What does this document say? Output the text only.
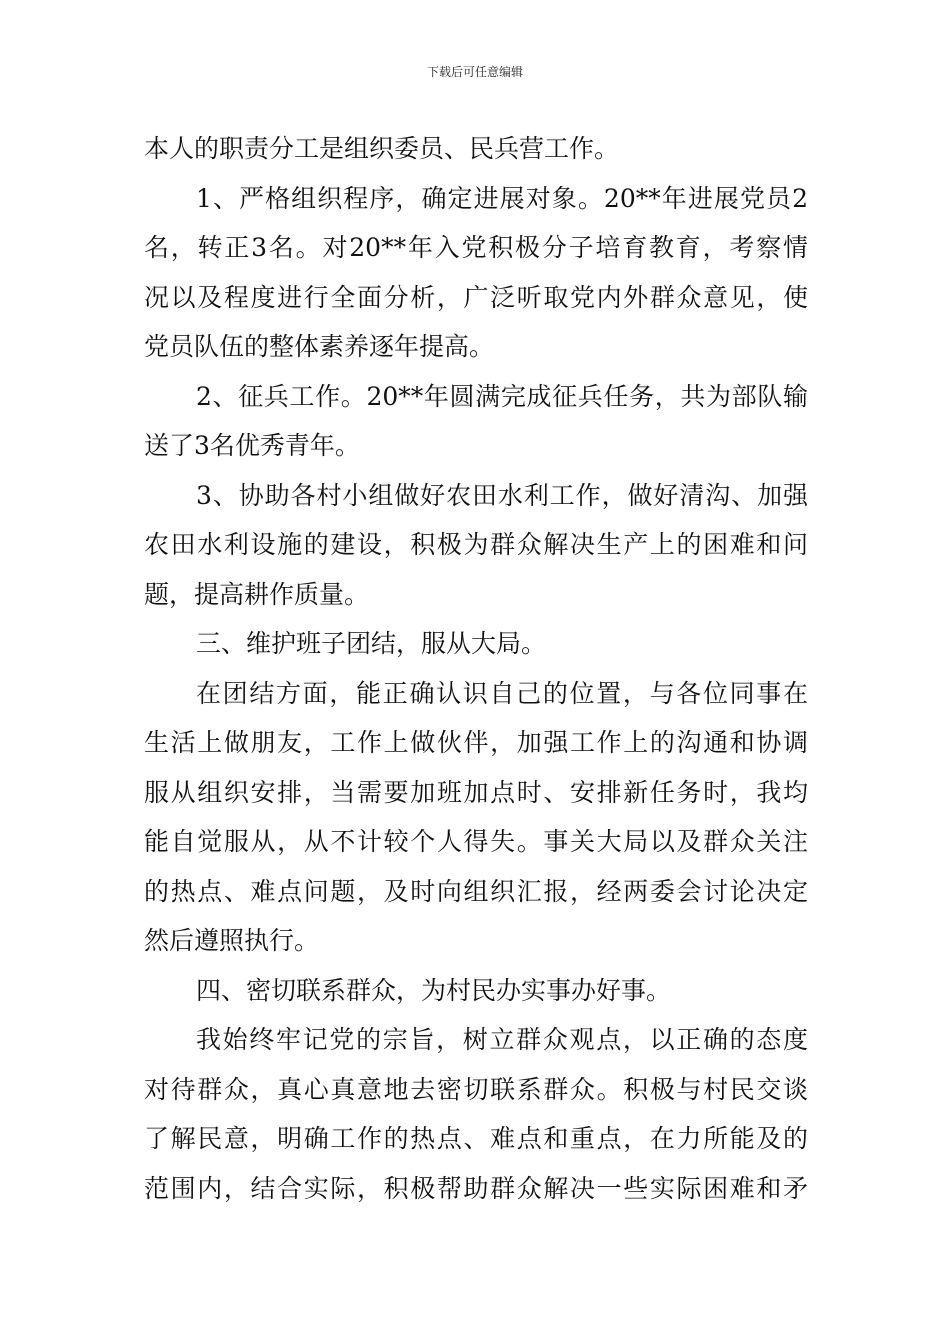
下载后可任意编辑
本人的职责分工是组织委员、民兵营工作。
1、严格组织程序，确定进展对象。20**年进展党员2
名，转正3名。对20**年入党积极分子培育教育，考察情
况以及程度进行全面分析，广泛听取党内外群众意见，使
党员队伍的整体素养逐年提高。
2、征兵工作。20**年圆满完成征兵任务，共为部队输
送了3名优秀青年。
3、协助各村小组做好农田水利工作，做好清沟、加强
农田水利设施的建设，积极为群众解决生产上的困难和问
题，提高耕作质量。
三、维护班子团结，服从大局。
在团结方面，能正确认识自己的位置，与各位同事在
生活上做朋友，工作上做伙伴，加强工作上的沟通和协调
服从组织安排，当需要加班加点时、安排新任务时，我均
能自觉服从，从不计较个人得失。事关大局以及群众关注
的热点、难点问题，及时向组织汇报，经两委会讨论决定
然后遵照执行。
四、密切联系群众，为村民办实事办好事。
我始终牢记党的宗旨，树立群众观点，以正确的态度
对待群众，真心真意地去密切联系群众。积极与村民交谈
了解民意，明确工作的热点、难点和重点，在力所能及的
范围内，结合实际，积极帮助群众解决一些实际困难和矛
